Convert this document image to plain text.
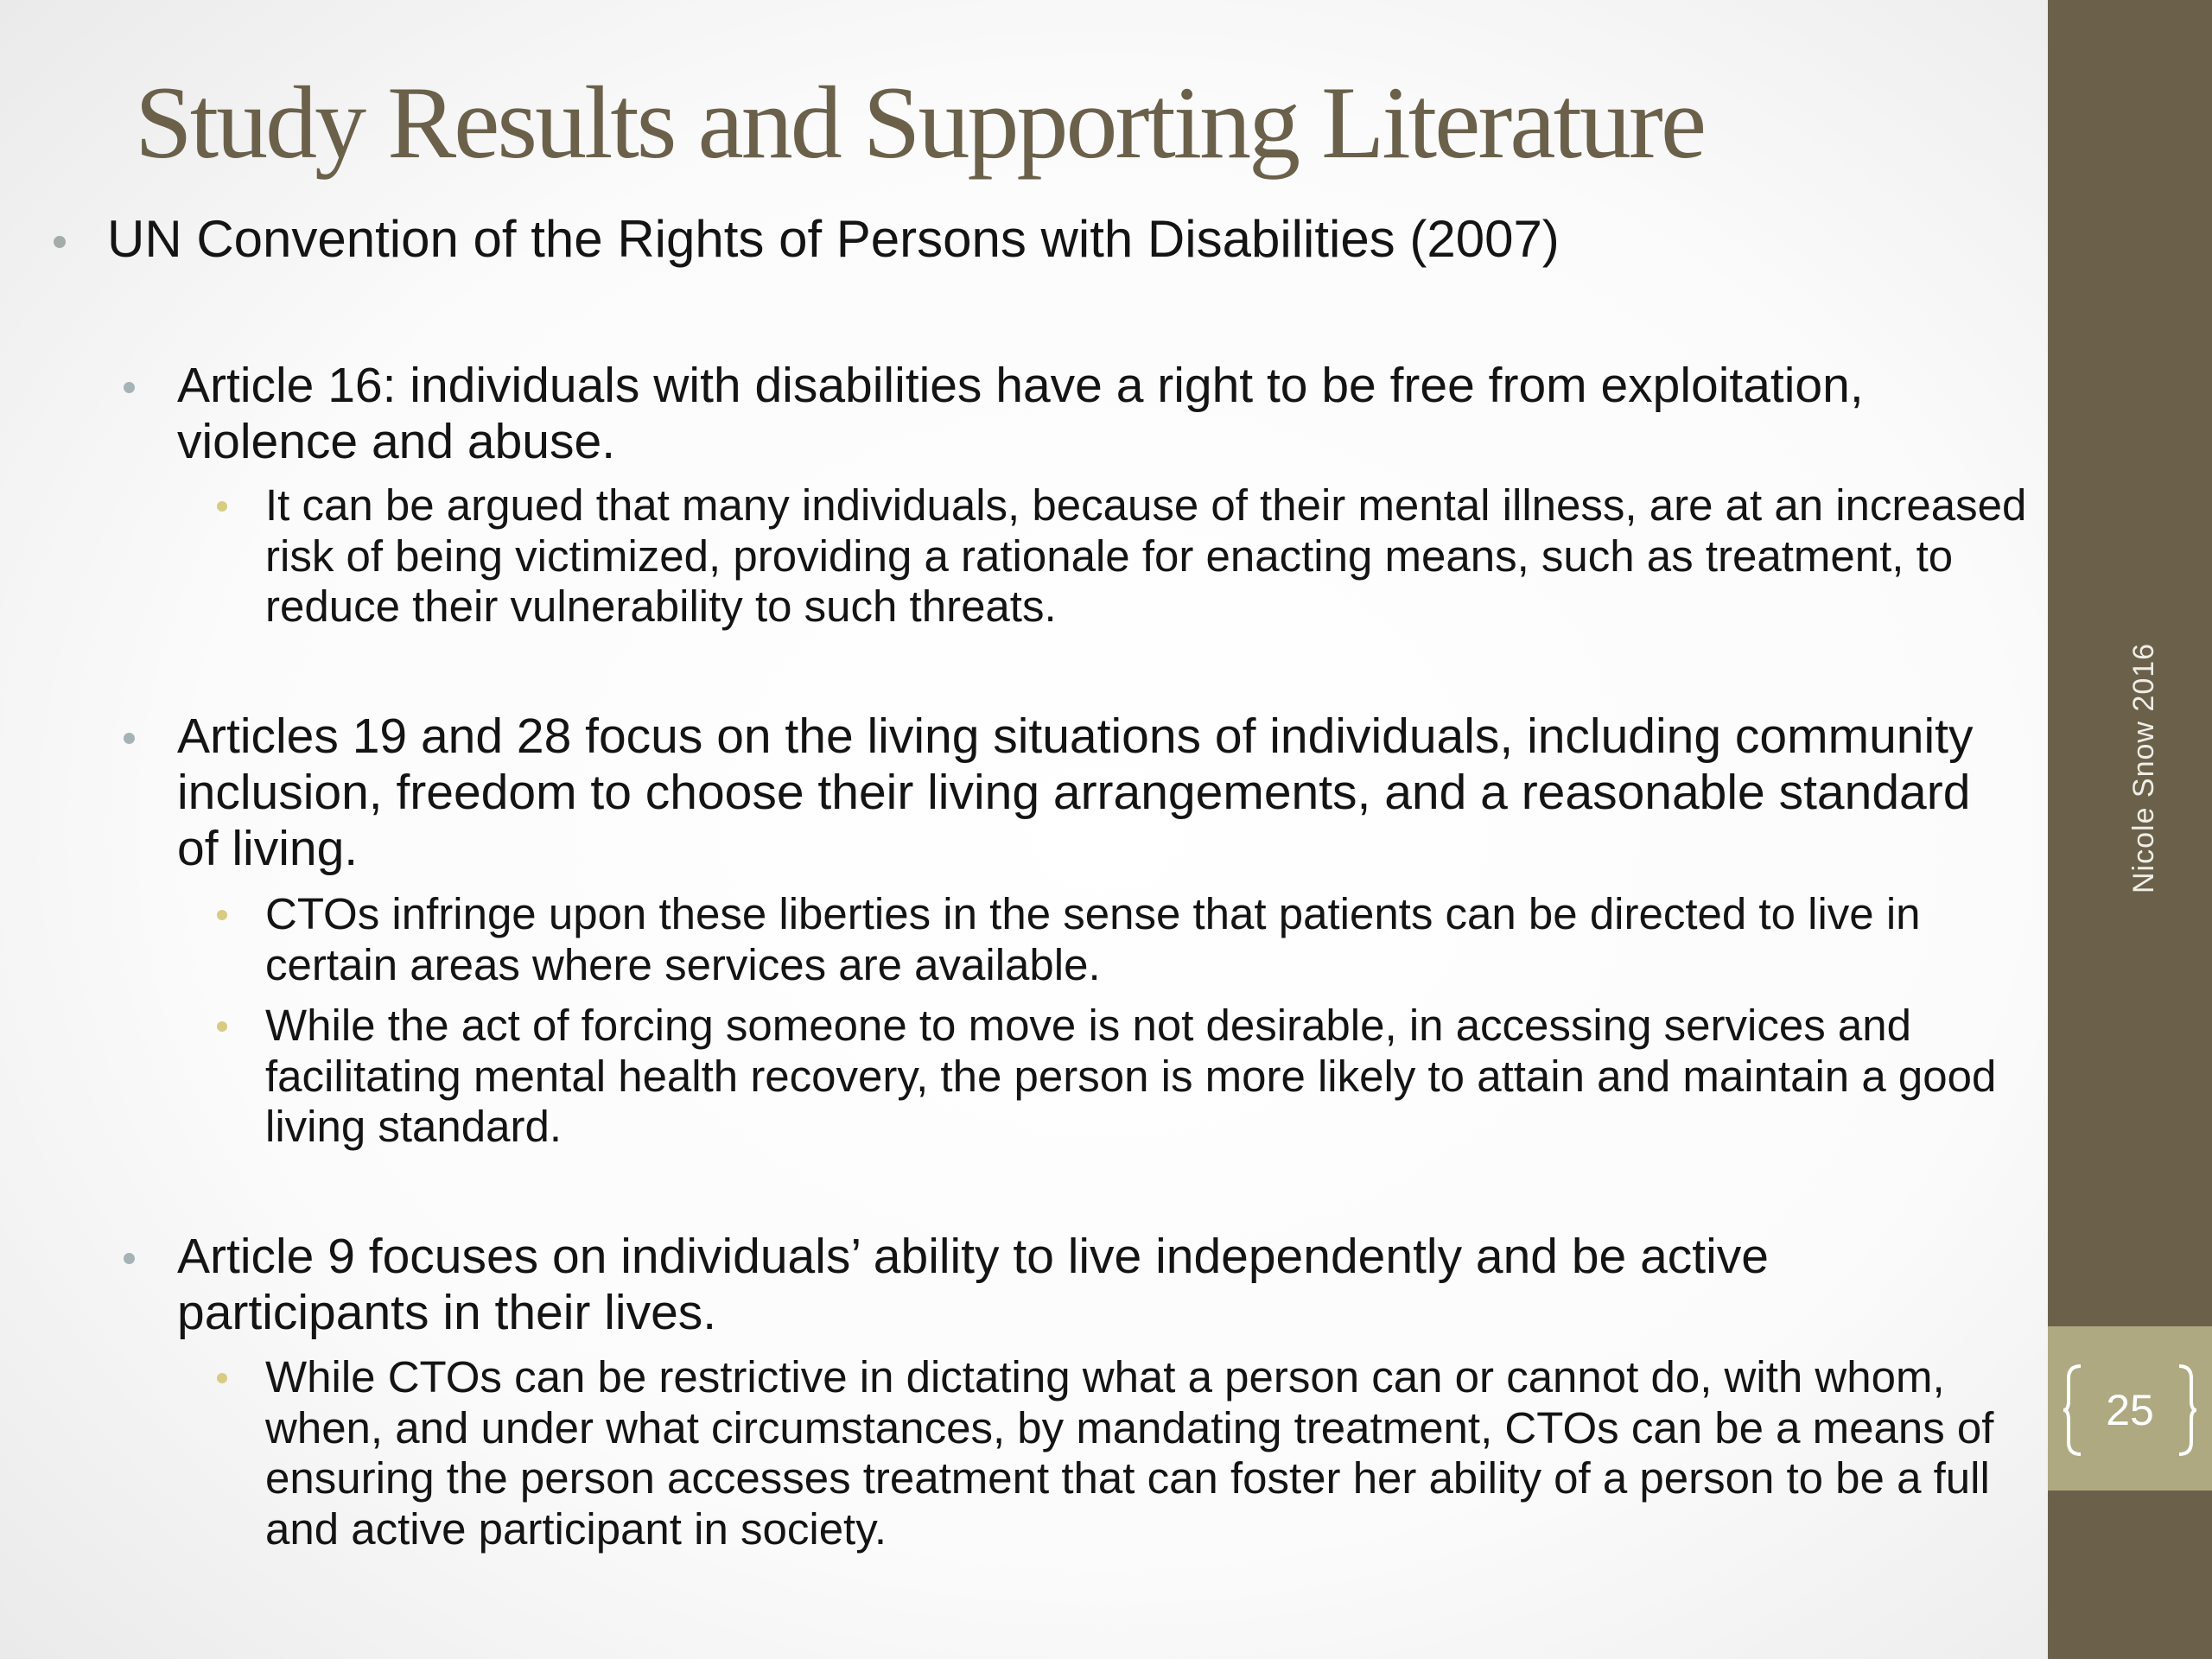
Nicole Snow 2016
25
Study Results and Supporting Literature
UN Convention of the Rights of Persons with Disabilities (2007)
Article 16: individuals with disabilities have a right to be free from exploitation, violence and abuse.
It can be argued that many individuals, because of their mental illness, are at an increased risk of being victimized, providing a rationale for enacting means, such as treatment, to reduce their vulnerability to such threats.
Articles 19 and 28 focus on the living situations of individuals, including community inclusion, freedom to choose their living arrangements, and a reasonable standard of living.
CTOs infringe upon these liberties in the sense that patients can be directed to live in certain areas where services are available.
While the act of forcing someone to move is not desirable, in accessing services and facilitating mental health recovery, the person is more likely to attain and maintain a good living standard.
Article 9 focuses on individuals’ ability to live independently and be active participants in their lives.
While CTOs can be restrictive in dictating what a person can or cannot do, with whom, when, and under what circumstances, by mandating treatment, CTOs can be a means of ensuring the person accesses treatment that can foster her ability of a person to be a full and active participant in society.
